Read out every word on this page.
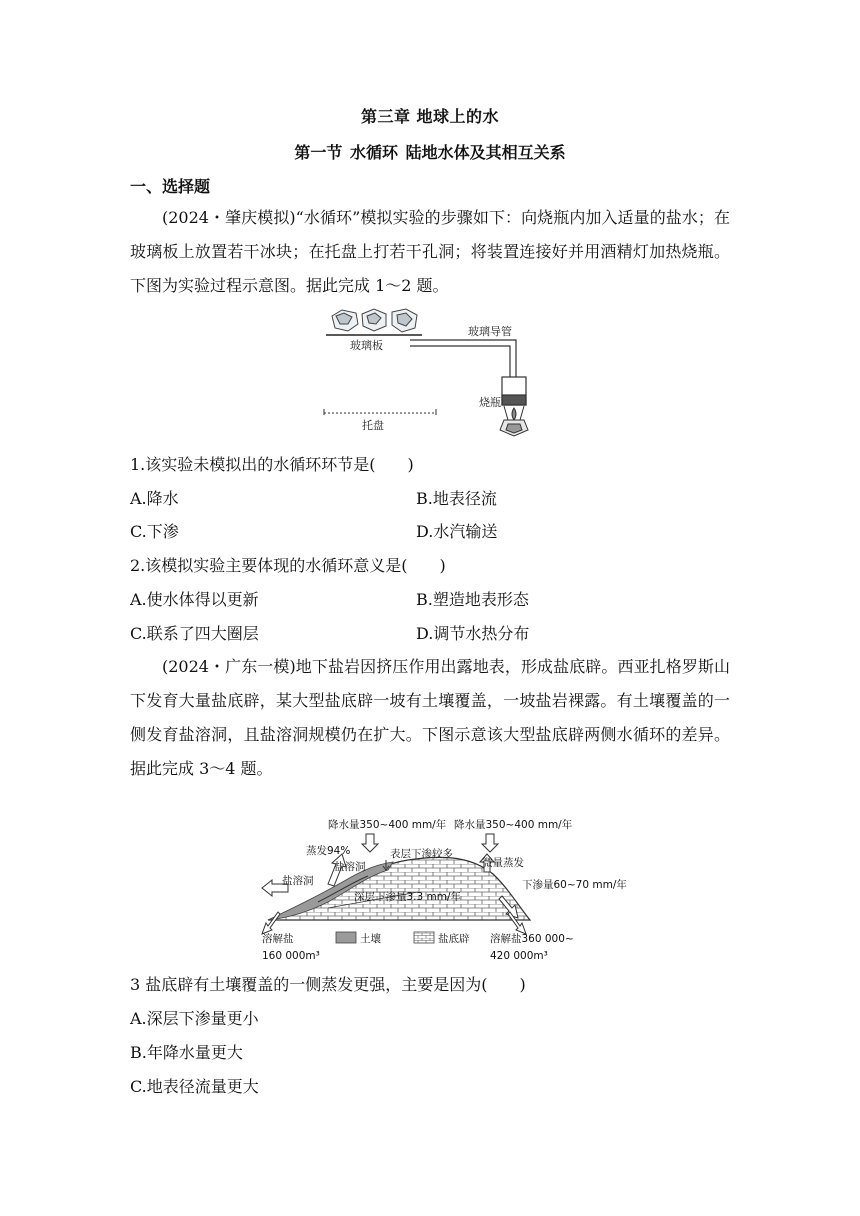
第三章 地球上的水
第一节 水循环 陆地水体及其相互关系
一、选择题
(2024・肇庆模拟)“水循环”模拟实验的步骤如下：向烧瓶内加入适量的盐水；在玻璃板上放置若干冰块；在托盘上打若干孔洞；将装置连接好并用酒精灯加热烧瓶。下图为实验过程示意图。据此完成 1～2 题。
玻璃板
玻璃导管
烧瓶
托盘
1.该实验未模拟出的水循环环节是(　　)
A.降水	B.地表径流
C.下渗	D.水汽输送
2.该模拟实验主要体现的水循环意义是(　　)
A.使水体得以更新	B.塑造地表形态
C.联系了四大圈层	D.调节水热分布
(2024・广东一模)地下盐岩因挤压作用出露地表，形成盐底辟。西亚扎格罗斯山下发育大量盐底辟，某大型盐底辟一坡有土壤覆盖，一坡盐岩裸露。有土壤覆盖的一侧发育盐溶洞，且盐溶洞规模仍在扩大。下图示意该大型盐底辟两侧水循环的差异。据此完成 3～4 题。
降水量350~400 mm/年 降水量350~400 mm/年
蒸发94%	表层下渗较多
微量蒸发
盐溶洞
盐溶洞	下渗量60~70 mm/年
深层下渗量3.3 mm/年
溶解盐
160 000m³
土壤	盐底辟 溶解盐360 000~
420 000m³
3 盐底辟有土壤覆盖的一侧蒸发更强，主要是因为(　　)
A.深层下渗量更小
B.年降水量更大
C.地表径流量更大
